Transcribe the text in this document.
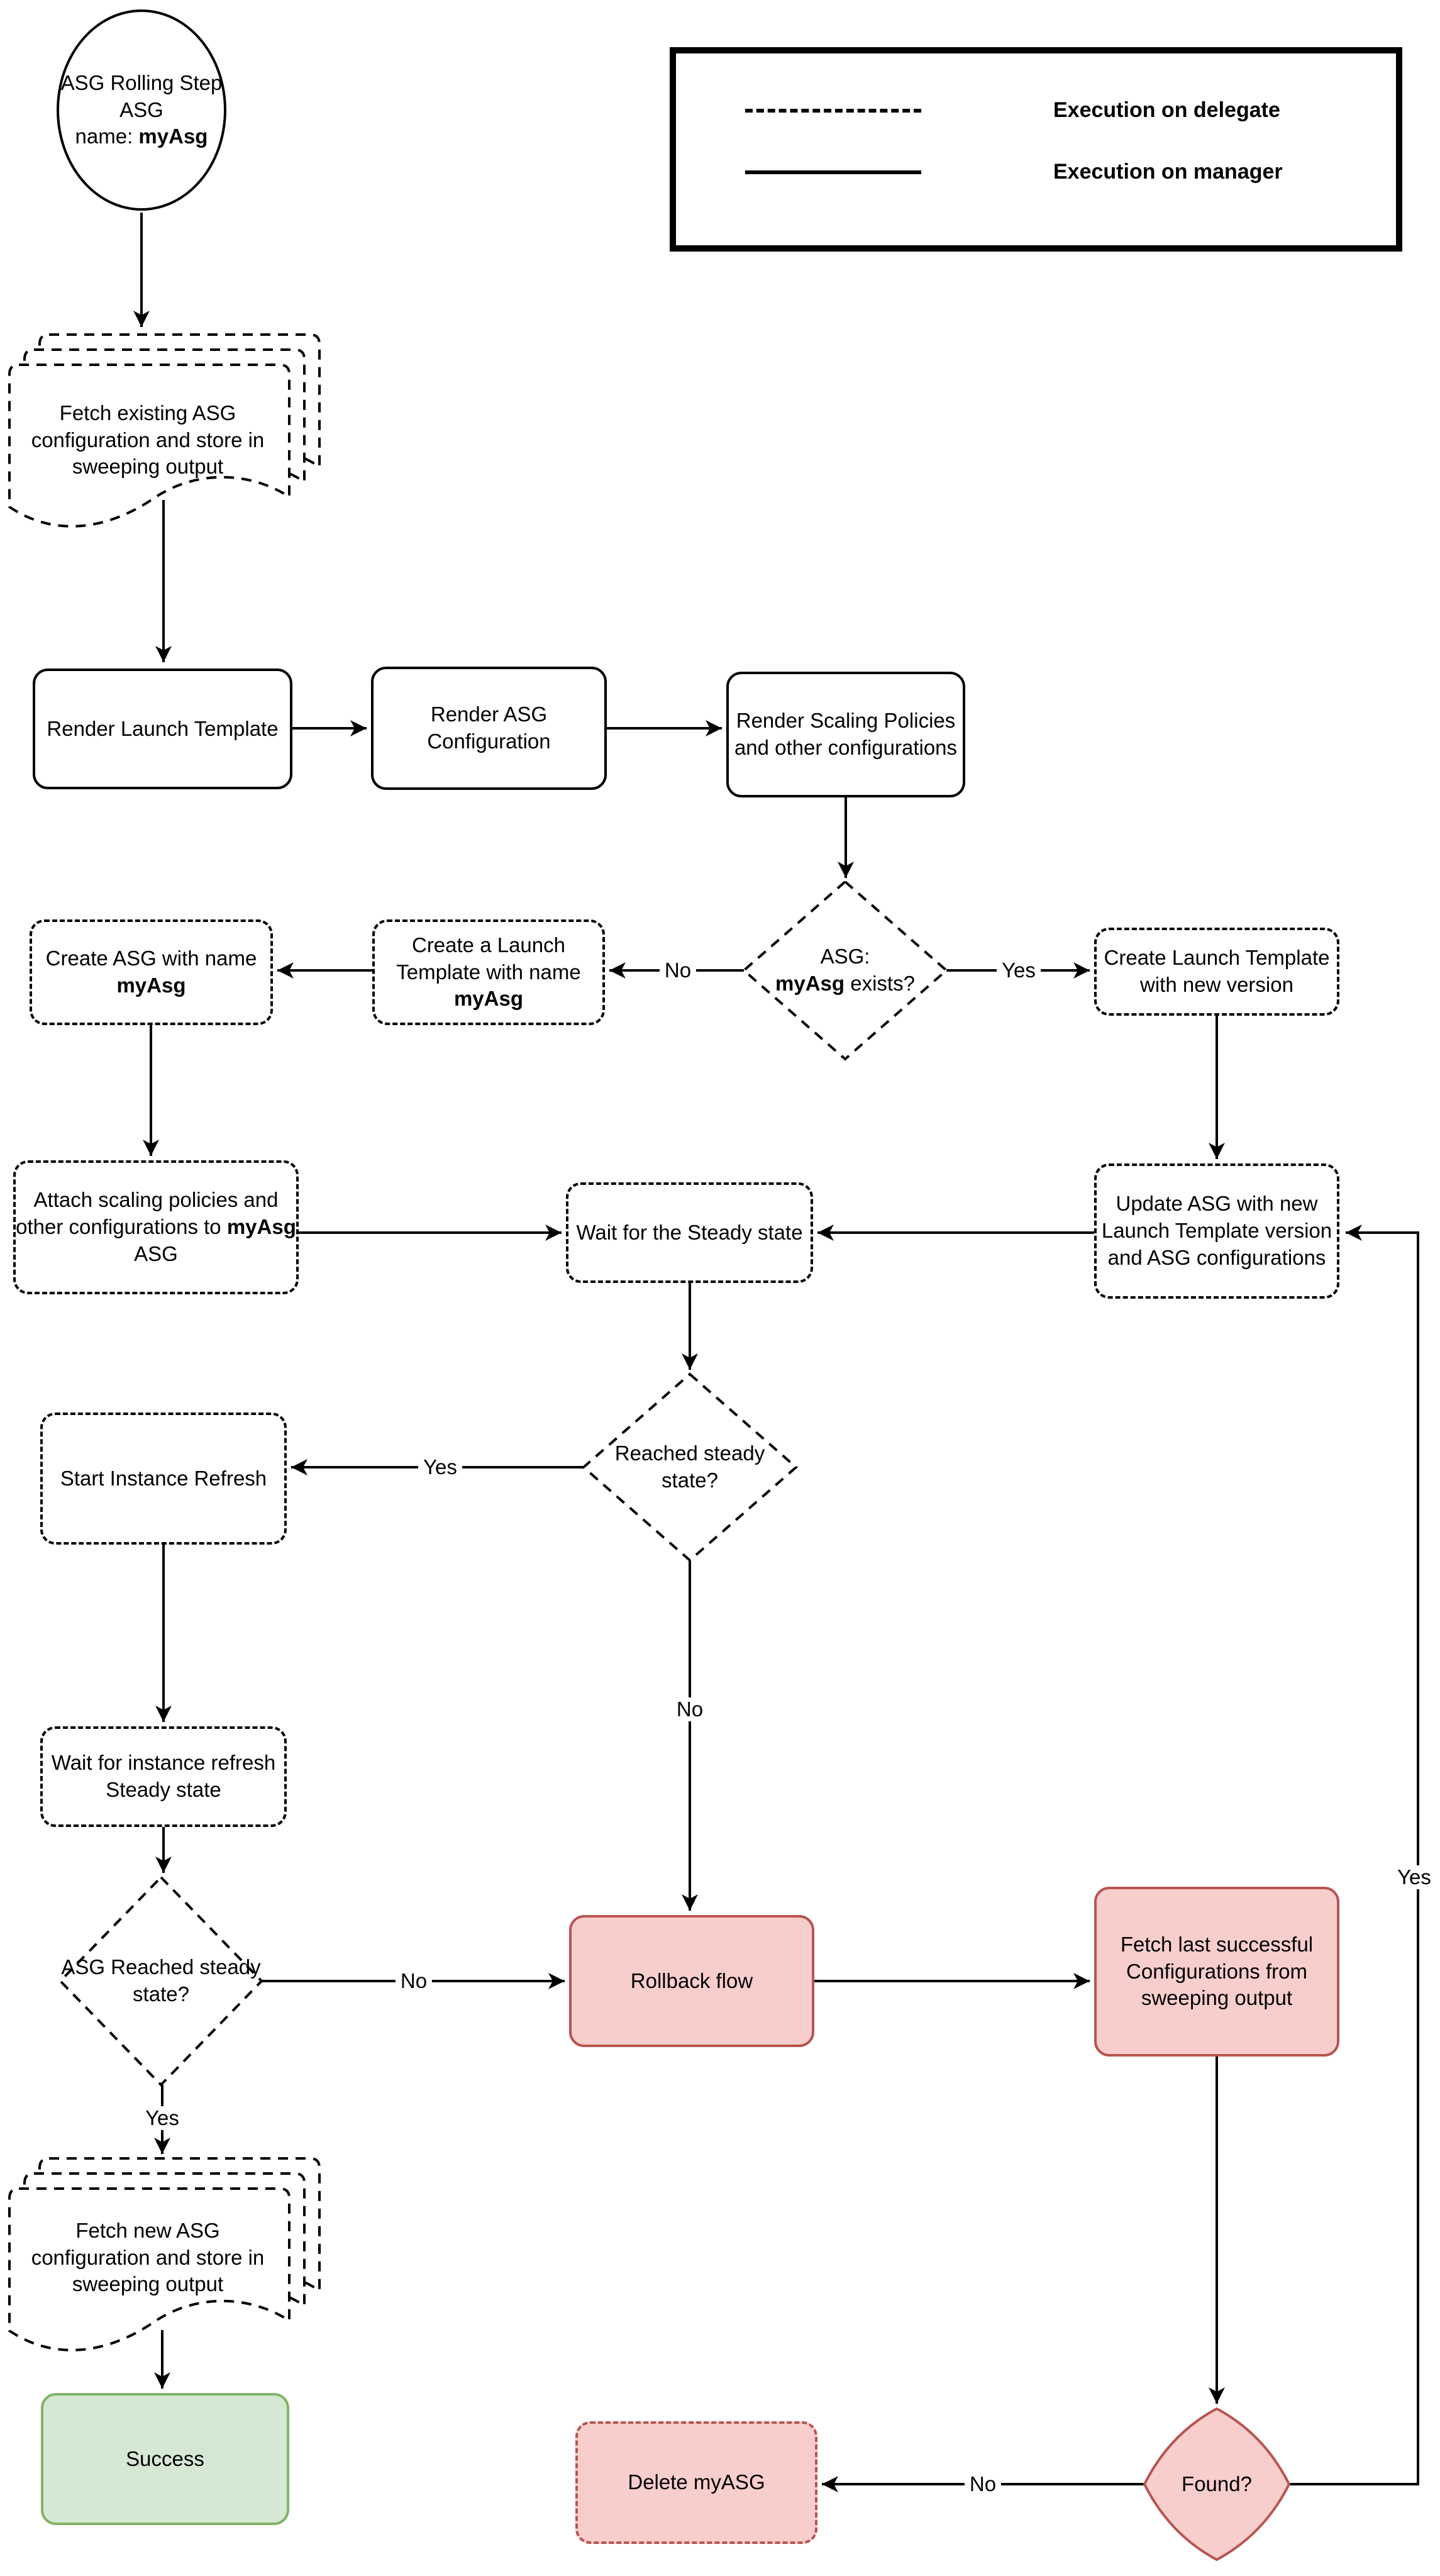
ASG Rolling Step
ASG
name: myAsg
Execution on delegate
Execution on manager
Fetch existing ASG configuration and store in sweeping output
Render Launch Template
Render ASG Configuration
Render Scaling Policies and other configurations
ASG:
myAsg exists?
Create a Launch Template with name myAsg
Create ASG with name myAsg
Create Launch Template with new version
Attach scaling policies and other configurations to myAsg ASG
Wait for the Steady state
Update ASG with new Launch Template version and ASG configurations
Reached steady state?
Start Instance Refresh
Wait for instance refresh Steady state
ASG Reached steady state?
Rollback flow
Fetch last successful Configurations from sweeping output
Fetch new ASG configuration and store in sweeping output
Success
Delete myASG	Found?
No	Yes
Yes
No
No
Yes
No
Yes
